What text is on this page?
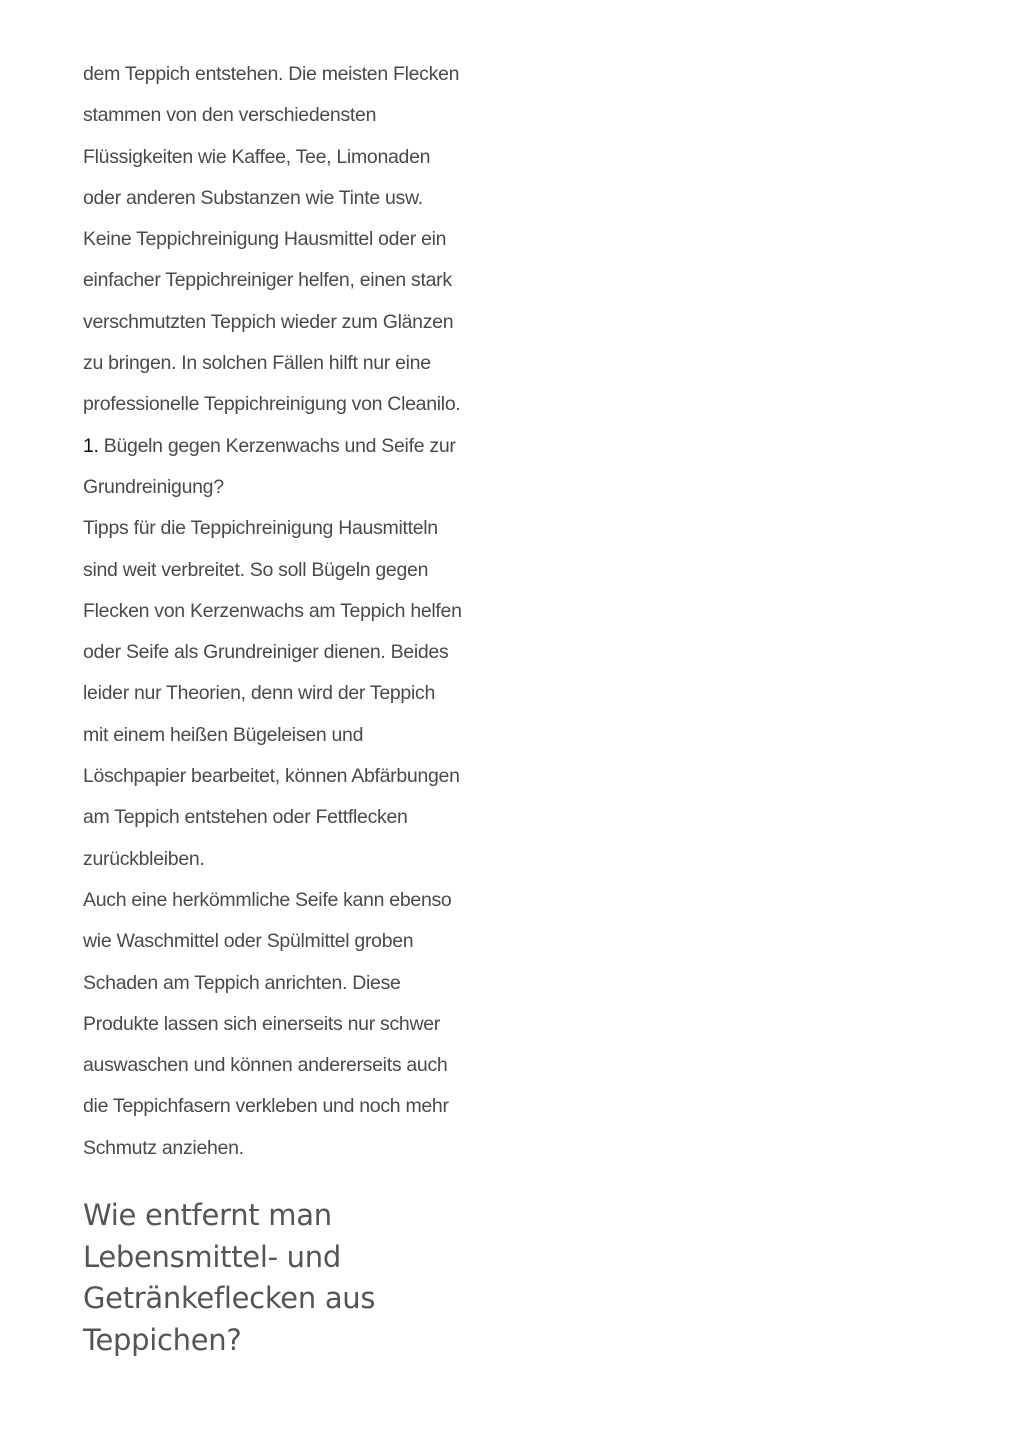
dem Teppich entstehen. Die meisten Flecken
stammen von den verschiedensten
Flüssigkeiten wie Kaffee, Tee, Limonaden
oder anderen Substanzen wie Tinte usw.
Keine Teppichreinigung Hausmittel oder ein
einfacher Teppichreiniger helfen, einen stark
verschmutzten Teppich wieder zum Glänzen
zu bringen. In solchen Fällen hilft nur eine
professionelle Teppichreinigung von Cleanilo.
1. Bügeln gegen Kerzenwachs und Seife zur
Grundreinigung?
Tipps für die Teppichreinigung Hausmitteln
sind weit verbreitet. So soll Bügeln gegen
Flecken von Kerzenwachs am Teppich helfen
oder Seife als Grundreiniger dienen. Beides
leider nur Theorien, denn wird der Teppich
mit einem heißen Bügeleisen und
Löschpapier bearbeitet, können Abfärbungen
am Teppich entstehen oder Fettflecken
zurückbleiben.
Auch eine herkömmliche Seife kann ebenso
wie Waschmittel oder Spülmittel groben
Schaden am Teppich anrichten. Diese
Produkte lassen sich einerseits nur schwer
auswaschen und können andererseits auch
die Teppichfasern verkleben und noch mehr
Schmutz anziehen.
Wie entfernt man
Lebensmittel- und
Getränkeflecken aus
Teppichen?
